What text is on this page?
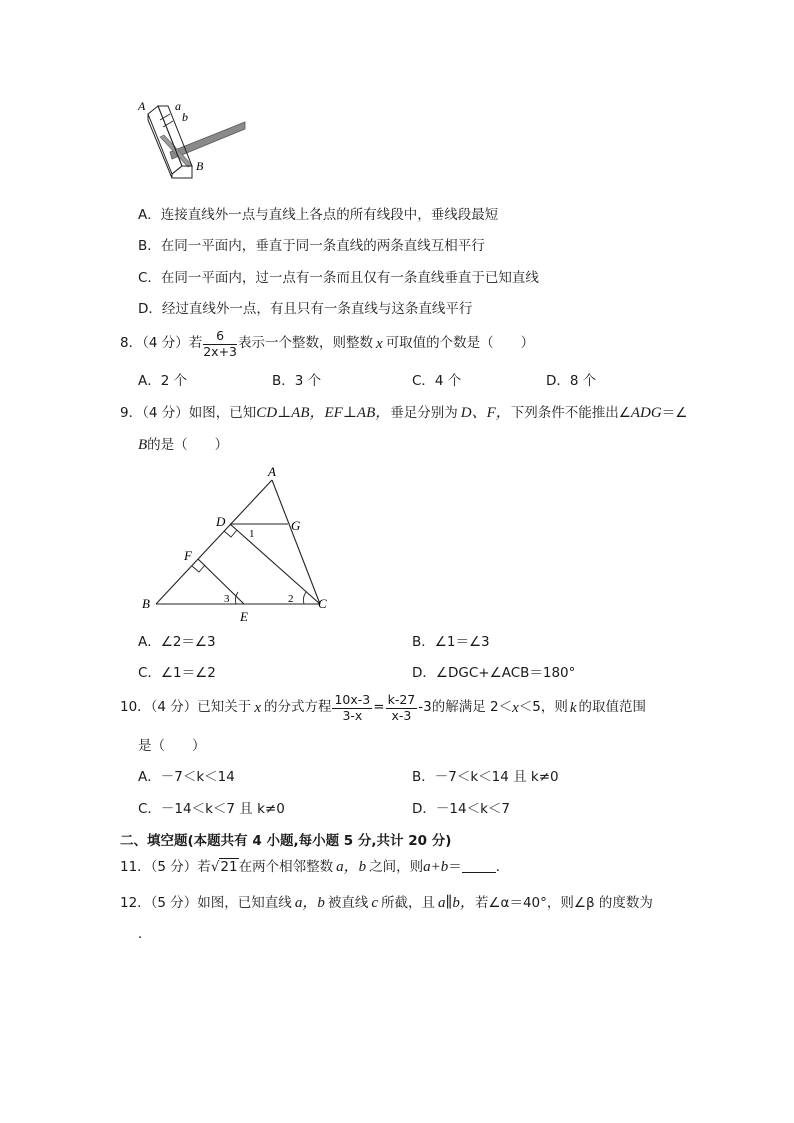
A a
b
B
A．连接直线外一点与直线上各点的所有线段中，垂线段最短
B．在同一平面内，垂直于同一条直线的两条直线互相平行
C．在同一平面内，过一点有一条而且仅有一条直线垂直于已知直线
D．经过直线外一点，有且只有一条直线与这条直线平行
8．（4 分）若 $\frac{6}{2x+3}$ 表示一个整数，则整数 x 可取值的个数是（　　）
A．2 个	B．3 个	C．4 个	D．8 个
9．（4 分）如图，已知CD⊥AB，EF⊥AB，垂足分别为 D、F，下列条件不能推出∠ADG＝∠
B的是（　　）
A
D	G
1
F
B	3	2 C
E
A．∠2＝∠3	B．∠1＝∠3
C．∠1＝∠2	D．∠DGC+∠ACB＝180°
10．（4 分）已知关于 x 的分式方程 $\frac{10x-3}{3-x} = \frac{k-27}{x-3} -3$ 的解满足 2＜ x ＜5，则 k 的取值范围
是（　　）
A．－7＜k＜14	B．－7＜k＜14 且 k≠0
C．－14＜k＜7 且 k≠0	D．－14＜k＜7
二、填空题(本题共有 4 小题,每小题 5 分,共计 20 分)
11．（5 分）若 √21 在两个相邻整数 a，b 之间，则 a+b ＝	．
12．（5 分）如图，已知直线 a，b 被直线 c 所截，且 a∥b，若∠α＝40°，则∠β 的度数为
．
